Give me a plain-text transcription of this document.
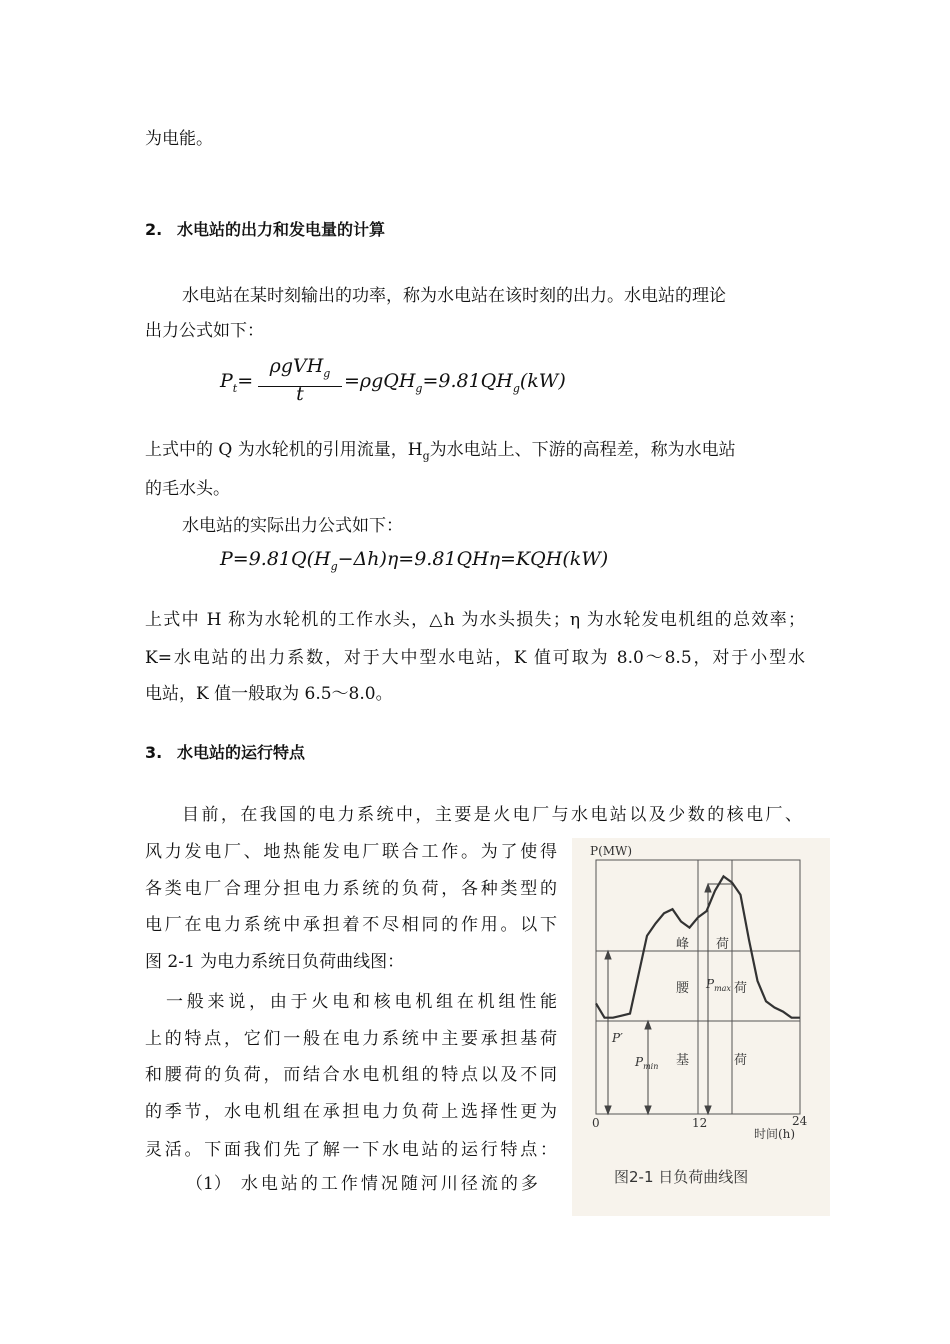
为电能。
2. 水电站的出力和发电量的计算
水电站在某时刻输出的功率，称为水电站在该时刻的出力。水电站的理论
出力公式如下：
$P_t=$
ρgVH$_g$
t
$=\rho gQH_g=9.81QH_g(kW)$
上式中的 Q 为水轮机的引用流量，$H_g$为水电站上、下游的高程差，称为水电站
的毛水头。
水电站的实际出力公式如下：
$P=9.81Q(H_g-\Delta h)\eta=9.81QH\eta=KQH(kW)$
上式中 H 称为水轮机的工作水头，△h 为水头损失；η 为水轮发电机组的总效率；
K=水电站的出力系数，对于大中型水电站，K 值可取为 8.0～8.5，对于小型水
电站，K 值一般取为 6.5～8.0。
3. 水电站的运行特点
目前，在我国的电力系统中，主要是火电厂与水电站以及少数的核电厂、
风力发电厂、地热能发电厂联合工作。为了使得
各类电厂合理分担电力系统的负荷，各种类型的
电厂在电力系统中承担着不尽相同的作用。以下
图 2-1 为电力系统日负荷曲线图：
一般来说，由于火电和核电机组在机组性能
上的特点，它们一般在电力系统中主要承担基荷
和腰荷的负荷，而结合水电机组的特点以及不同
的季节，水电机组在承担电力负荷上选择性更为
灵活。下面我们先了解一下水电站的运行特点：
（1） 水电站的工作情况随河川径流的多
P(MW)
0	12	24
时间(h)
峰 荷
腰	荷
基	荷
$P_{max}$
$P_{min}$
P′
图2-1 日负荷曲线图
